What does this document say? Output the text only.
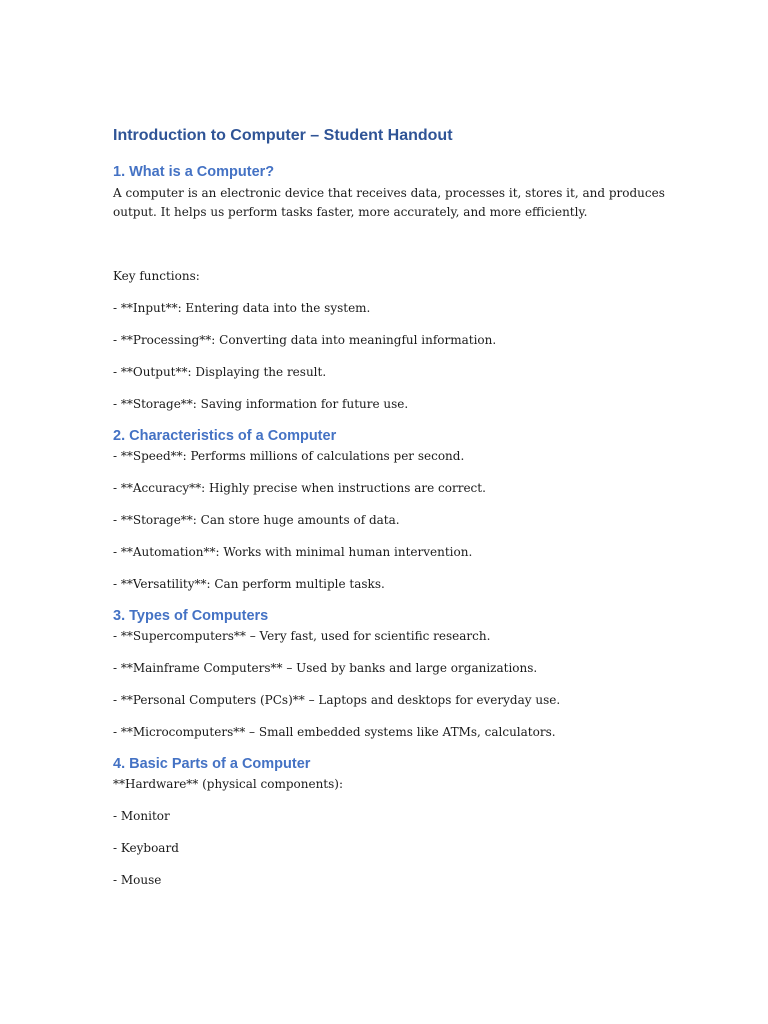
Introduction to Computer – Student Handout
1. What is a Computer?

A computer is an electronic device that receives data, processes it, stores it, and produces output. It helps us perform tasks faster, more accurately, and more efficiently.

Key functions:

- **Input**: Entering data into the system.

- **Processing**: Converting data into meaningful information.

- **Output**: Displaying the result.

- **Storage**: Saving information for future use.

2. Characteristics of a Computer

- **Speed**: Performs millions of calculations per second.

- **Accuracy**: Highly precise when instructions are correct.

- **Storage**: Can store huge amounts of data.

- **Automation**: Works with minimal human intervention.

- **Versatility**: Can perform multiple tasks.

3. Types of Computers

- **Supercomputers** – Very fast, used for scientific research.

- **Mainframe Computers** – Used by banks and large organizations.

- **Personal Computers (PCs)** – Laptops and desktops for everyday use.

- **Microcomputers** – Small embedded systems like ATMs, calculators.

4. Basic Parts of a Computer

**Hardware** (physical components):

- Monitor

- Keyboard

- Mouse
